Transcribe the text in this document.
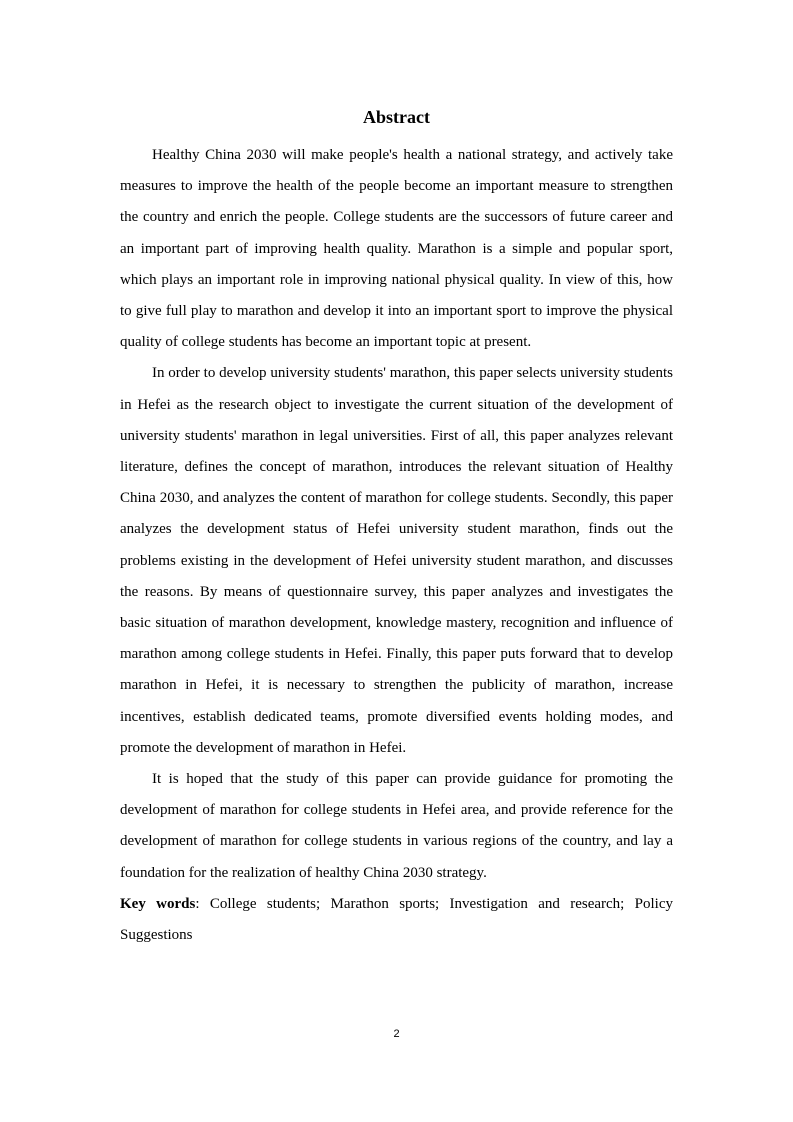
Abstract

Healthy China 2030 will make people's health a national strategy, and actively take measures to improve the health of the people become an important measure to strengthen the country and enrich the people. College students are the successors of future career and an important part of improving health quality. Marathon is a simple and popular sport, which plays an important role in improving national physical quality. In view of this, how to give full play to marathon and develop it into an important sport to improve the physical quality of college students has become an important topic at present.

In order to develop university students' marathon, this paper selects university students in Hefei as the research object to investigate the current situation of the development of university students' marathon in legal universities. First of all, this paper analyzes relevant literature, defines the concept of marathon, introduces the relevant situation of Healthy China 2030, and analyzes the content of marathon for college students. Secondly, this paper analyzes the development status of Hefei university student marathon, finds out the problems existing in the development of Hefei university student marathon, and discusses the reasons. By means of questionnaire survey, this paper analyzes and investigates the basic situation of marathon development, knowledge mastery, recognition and influence of marathon among college students in Hefei. Finally, this paper puts forward that to develop marathon in Hefei, it is necessary to strengthen the publicity of marathon, increase incentives, establish dedicated teams, promote diversified events holding modes, and promote the development of marathon in Hefei.

It is hoped that the study of this paper can provide guidance for promoting the development of marathon for college students in Hefei area, and provide reference for the development of marathon for college students in various regions of the country, and lay a foundation for the realization of healthy China 2030 strategy.

Key words: College students; Marathon sports; Investigation and research; Policy Suggestions

2
